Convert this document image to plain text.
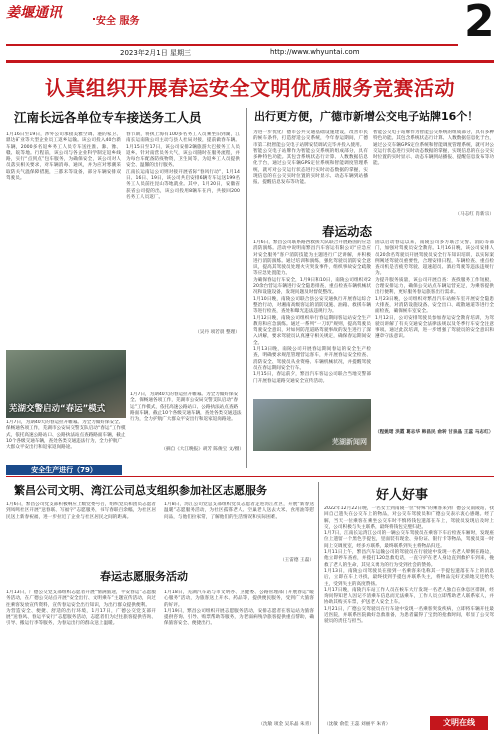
姜堰通讯
安全 服务	2
2023年2月1日 星期三	http://www.whyuntai.com
认真组织开展春运安全文明优质服务竞赛活动
江南长远各单位专车接送务工人员
1月16日至19日，涉外公司承接美雅空调、港的家卫、鼎达矿业等大型企业员工返乡运输。该公司投入40台新车辆，2000多名返乡务工人员专车送往淮、滁、豫、赣、皖等地。行程前，该公司与各企业科学制定返乡线路，实行“点到点”包车服务，为确保安全，该公司对人员落实相关要求，对车辆消毒、通风，并为应对寒潮采取防关气温保障措施，三都未等设备，部分车辆安排双驾驶员。
春节期，将执上海有100多名务工人员乘坐旧到湖，江南长运南陵公司主动与县人社局对接，提前做春车辆。1月15日至17日，该公司安排2辆旅游大巴接务工人员返乡。针对南营员务大气，该公司随时在服务流程，并为每台车配备防疫物资，卫生间等，为返乡工人员提供安全、温馨的出行服务。
江南长运南运公司则对接开展省际“春风行动”，1月14日、16日、19日，该公司共启安排6辆专车运送199名务工人员前往昆山等地就业。其中，1月20日，安徽省获省公司提的出，该公司投用8辆车在内，共接回200名务工人员返厂。
（吴丹 项若晨 整理）
芜湖交警启动“春运”模式
1月7日，为期40天的春运拉开帷幕。为全力做好保安全、保畅通各项工作，芜湖市公安局交警支队启动“春运”工作模式，依托高速公路站口、公路执法站点查路路面车辆，截止10个各级交通车辆，查处各类交通违法行为，全力护航广大群众平安出行和返家返岗路途。
1月7日，为期40天的春运拉开帷幕。为全力做好保安全、保畅通各项工作，芜湖市公安局交警支队启动“春运”工作模式，依托高速公路站口、公路执法站点查路路面车辆，截止10个各级交通车辆，查处各类交通违法行为，全力护航广大群众平安出行和返家返岗路途。
（摘自《大江晚报》胡芳 陈俊宝 文/摄）
安全生产进行（79）
出行更方便，广德市新增公交电子站牌16个！
为进一步优化广德市公共交通基础设施建设，改善市民的候车条件，打造舒适公交系统，今年春运期间，广德市第二批智能公交电子站牌安装调试完毕并投入使用。
智能公交电子站牌作为智能公交系统的组成部分，具有多种特色功能。其包含系统状态行计算、人数数据信息化于台，通过公交车辆GPS定位系统和智能调度管理系统，就可对公交运行状态进行实时动态数据的掌握，实现信息的在公交实时位置的实时显示、动态车辆到站播报、提醒信息发布等功能。
智能公交电子站牌作为智能公交系统的组成部分，具有多种特色功能。其包含系统状态行计算、人数数据信息化于台，通过公交车辆GPS定位系统和智能调度管理系统，就可对公交运行状态进行实时动态数据的掌握，实现信息的在公交实时位置的实时显示、动态车辆到站播报、提醒信息发布等功能。
（马志红 肖新宗）
春运动态
1月6日，繁昌公司联系路西救援大队联合开展路国的应急消防演练。活动中说明南繁昌汽车客运有限公司“应急应对安全服务”客户消防技能为主题进行广泛讲解，并积极进行消防演练。通过培训和演练，强化驾驶员消防安全意识，提高其驾驶员处理火灾突发事件，组织事故安全疏散等应急处置能力。
为确保春运行车安全，1月9日和10日，南陵公司组织对220余台营运车辆进行安全隐患排查，重点检查车辆机械状况和设施设备，发现问题及时督促整改。
1月10日晚，南陵公司联合县公安交通执行开展春运综合整治行动，对湘南高级客运的消防设施、油箱、救援车辆等进行检查，查处和曝光违法违规行为。
1月12日晚，南陵公司组织举行春运期间客运站安全生产教育和应急演练。通过一系列“一刀切”规则，提高驾驶员驾驶安全意识，对如何防范道路驾驶事故的发生进行了深入讲解，要求驾驶员认真遵守相关规定，确保春运期间安全。
1月13日晚，南陵公司开展春运期间春运的安全生产检查，明确要求规范管理营运客车，并开展春运安全检查、消防安全、驾驶员从业资格、车辆机械状况，并提醒驾驶员在春运期间安全行车。
1月15日，春运前夕，繁昌汽车客运公司联合当地交警部门开展春运道路交通安全宣传活动。
固以启动春运以来，南陵公司多方联合交警、消防等部门，加强对驾驶员安全教育。1月16日晚，该公司安排人员20余名驾驶员开展驾驶员安全行车知识培训，以实际案例阐述驾驶员重要性，合理安排日程，车辆检查、重点检查司机是否疲劳驾驶、超速超员、酒后驾驶等违法违规行为。
为提升服务质量，该公司开展自查：查找服务工作短板，合理安排运力，确保公交站点车辆运营充足，为乘客提供出行便利，更好服务春运旅客出行需求。
1月23日晚，公司组织对繁昌汽车站候车室开展安全隐患大排查，对消防设施设备、安全出口、疏散通道等进行全面检查，确保候车室安全。
1月12日，公司安排驾驶员参加春运安全教育培训，为驾驶员讲解了有关交通安全法律法规以及冬季行车安全注意事项。通过此次培训，进一步增强了驾驶员的安全意识和遵章守法意识。
（程姚珺 洪霞 葛志华 韩昌民 俞转 甘泉晶 王蕊 马志红）
芜湖新闻网
繁昌公司文明、湾江公司总支组织参加社区志愿服务
1月6日，繁昌公司党支部积极响应上级党委号召，组织党员和团员志愿者到凤鸣社区开展“送春联、写福字”志愿服务，书写春联百余幅，为社区居民送上新春祝福，进一步拉近了企业与社区居民之间的距离。
1月8日，湾江公司党总支部组织党员志愿者走进湾江社区，开展“新春送温暖”志愿服务活动，为社区孤寡老人、空巢老人送去大米、食用油等慰问品，与他们拉家常，了解他们的生活情况和实际困难。
（王雷德 王磊）
春运志愿服务活动
1月13日，广德公交党支部组织志愿者开展“情满旅途，平安春运”志愿服务活动，在广德公交站点开展“安全出行、文明乘车”主题宣传活动，向过往乘客发放宣传资料，宣传春运安全出行知识，为出行群众提供便利。
为营造安全、便捷、舒适的出行环境，1月17日，广德公交党支部开展“送春风、春运平安行”志愿服务活动，志愿者们为过往旅客提供咨询、引导、搬运行李等服务，为春运出行的群众送上温暖。
1月18日，芜湖汽车站与市文明办、卫健委、公路管理部门开展春运“暖心服务”活动，为旅客送上开水、药品等，提供便民服务，受到广大旅客的好评。
1月19日，繁昌公司组织开展志愿服务活动，安排志愿者在客运站为旅客提供咨询、引导、购票帮助等服务，为老弱病残孕旅客提供重点帮助，确保旅客安全、便捷出行。
（沈敏 项金 吴乐晶 朱青）
好人好事
2022年12月22日晚，一名女士到南陵一位“特殊”的乘客来到广德公交南陵站，找回自己遗失在公交车上的物品，对公交车驾驶员和广德公交表示衷心感谢。经了解，当天一位乘客在乘坐公交车时不慎将钱包遗落在车上，驾驶员发现后及时上交，公司积极与失主联系，最终将钱包完璧归赵。
1月7日，江南长运湾江公司的一辆公交车驾驶员在乘客下车后检查车厢时，发现座位上遗留一个黑色手提包，里面装有现金、身份证、银行卡等物品，驾驶员第一时间上交调度室，经多方联系，最终联系到失主将物品归还。
1月11日上午，繁昌汽车运输公司的驾驶员在行驶途中发现一名老人晕倒在路边，他立即停车查看，并拨打120急救电话，一直守护在老人身边直到救护车到来，挽救了老人的生命，其见义勇为的行为受到社会的赞扬。
1月13日，南陵公司驾驶员在接到一名乘客来电称其一手提包遗落在车上的消息后，立即在车上寻找，最终找到手提包并联系失主，将物品完好无损地交还给失主，受到失主的高度赞扬。
1月17日晚，南陵汽车站工作人员在候车大厅发现一名老人独自在休息区徘徊，经询问得知老人因记不清乘车信息而无法乘车，工作人员立即帮助老人联系家人，并协助其购买车票，护送老人安全上车。
1月21日，广德公交驾驶员在行车途中发现一名乘客突发疾病，立即将车辆开往最近医院，并联系医院做好急救准备，为患者赢得了宝贵的抢救时间，彰显了公交驾驶员的责任与担当。
（沈敏 俞佳 王蕊 刘丽平 朱青）	文明在线
